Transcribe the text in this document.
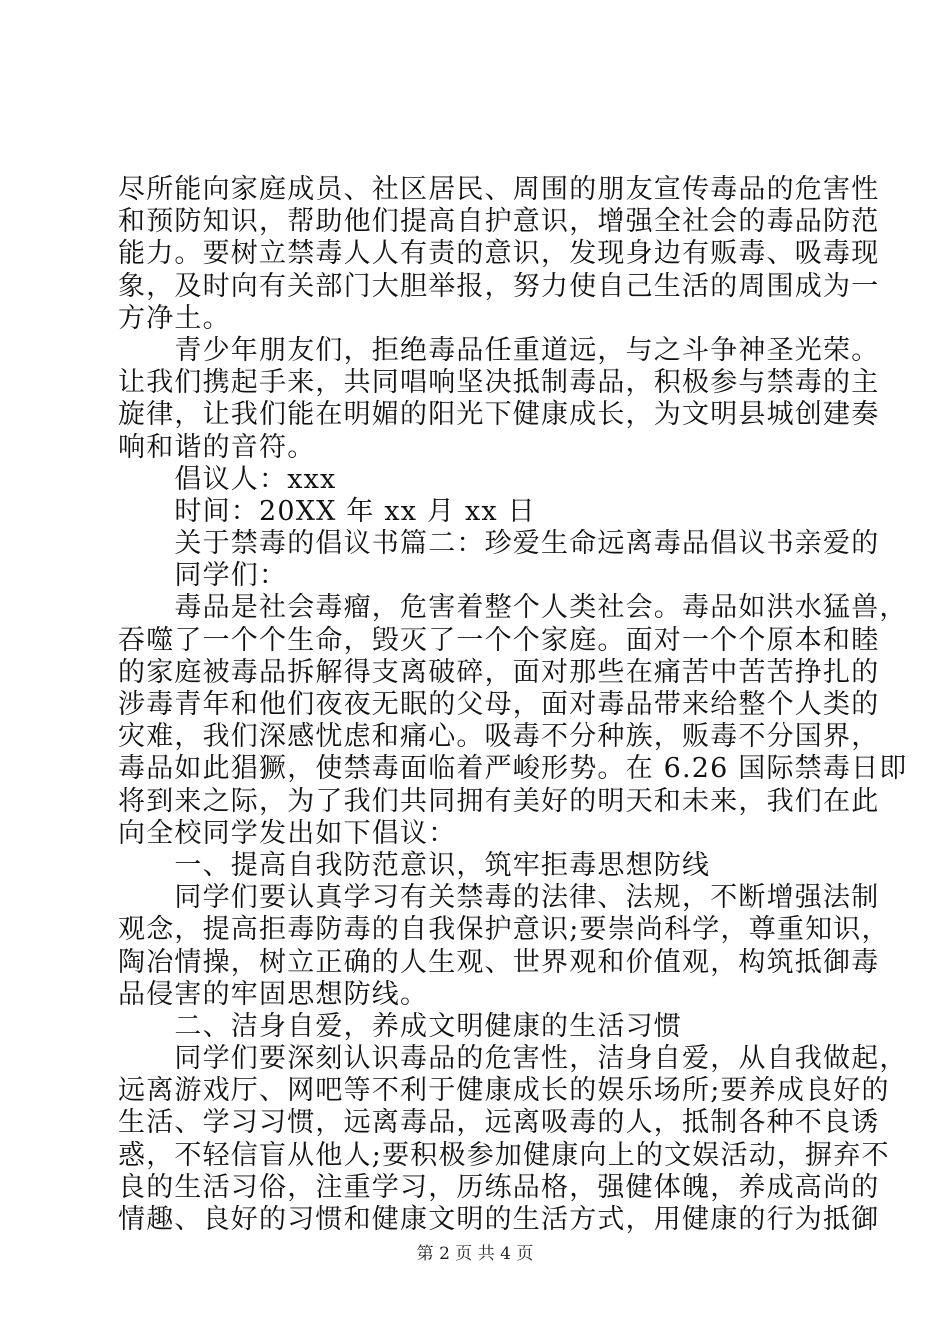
尽所能向家庭成员、社区居民、周围的朋友宣传毒品的危害性
和预防知识，帮助他们提高自护意识，增强全社会的毒品防范
能力。要树立禁毒人人有责的意识，发现身边有贩毒、吸毒现
象，及时向有关部门大胆举报，努力使自己生活的周围成为一
方净土。
　　青少年朋友们，拒绝毒品任重道远，与之斗争神圣光荣。
让我们携起手来，共同唱响坚决抵制毒品，积极参与禁毒的主
旋律，让我们能在明媚的阳光下健康成长，为文明县城创建奏
响和谐的音符。
　　倡议人：xxx
　　时间：20XX 年 xx 月 xx 日
　　关于禁毒的倡议书篇二：珍爱生命远离毒品倡议书亲爱的
　　同学们：
　　毒品是社会毒瘤，危害着整个人类社会。毒品如洪水猛兽，
吞噬了一个个生命，毁灭了一个个家庭。面对一个个原本和睦
的家庭被毒品拆解得支离破碎，面对那些在痛苦中苦苦挣扎的
涉毒青年和他们夜夜无眠的父母，面对毒品带来给整个人类的
灾难，我们深感忧虑和痛心。吸毒不分种族，贩毒不分国界，
毒品如此猖獗，使禁毒面临着严峻形势。在 6.26 国际禁毒日即
将到来之际，为了我们共同拥有美好的明天和未来，我们在此
向全校同学发出如下倡议：
　　一、提高自我防范意识，筑牢拒毒思想防线
　　同学们要认真学习有关禁毒的法律、法规，不断增强法制
观念，提高拒毒防毒的自我保护意识;要崇尚科学，尊重知识，
陶冶情操，树立正确的人生观、世界观和价值观，构筑抵御毒
品侵害的牢固思想防线。
　　二、洁身自爱，养成文明健康的生活习惯
　　同学们要深刻认识毒品的危害性，洁身自爱，从自我做起，
远离游戏厅、网吧等不利于健康成长的娱乐场所;要养成良好的
生活、学习习惯，远离毒品，远离吸毒的人，抵制各种不良诱
惑，不轻信盲从他人;要积极参加健康向上的文娱活动，摒弃不
良的生活习俗，注重学习，历练品格，强健体魄，养成高尚的
情趣、良好的习惯和健康文明的生活方式，用健康的行为抵御
第 2 页 共 4 页
